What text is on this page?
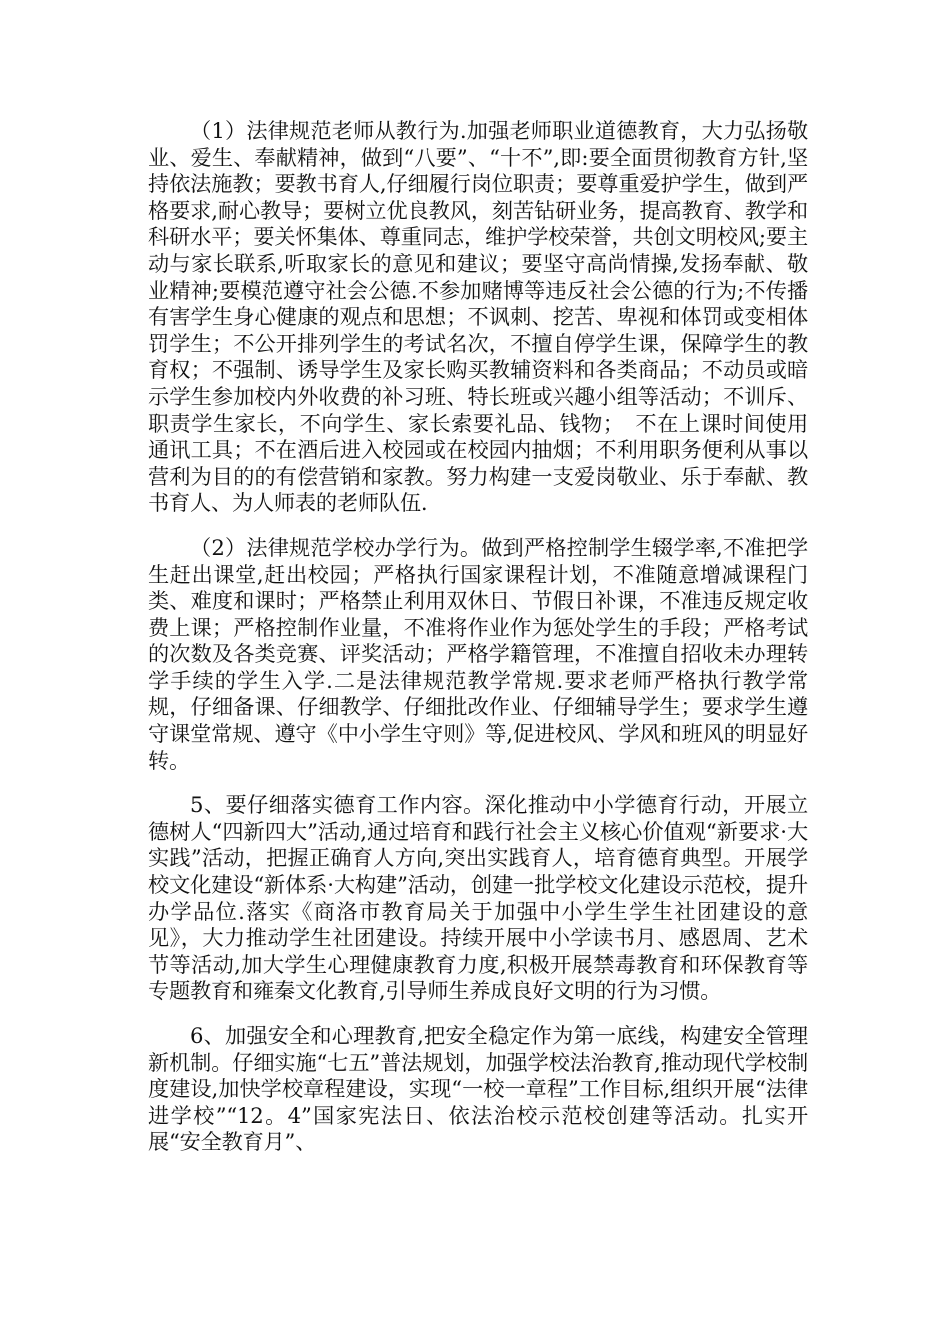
（1）法律规范老师从教行为.加强老师职业道德教育，大力弘扬敬业、爱生、奉献精神，做到“八要”、“十不”,即:要全面贯彻教育方针,坚持依法施教；要教书育人,仔细履行岗位职责；要尊重爱护学生，做到严格要求,耐心教导；要树立优良教风，刻苦钻研业务，提高教育、教学和科研水平；要关怀集体、尊重同志，维护学校荣誉，共创文明校风;要主动与家长联系,听取家长的意见和建议；要坚守高尚情操,发扬奉献、敬业精神;要模范遵守社会公德.不参加赌博等违反社会公德的行为;不传播有害学生身心健康的观点和思想；不讽刺、挖苦、卑视和体罚或变相体罚学生；不公开排列学生的考试名次，不擅自停学生课，保障学生的教育权；不强制、诱导学生及家长购买教辅资料和各类商品；不动员或暗示学生参加校内外收费的补习班、特长班或兴趣小组等活动；不训斥、职责学生家长，不向学生、家长索要礼品、钱物；　不在上课时间使用通讯工具；不在酒后进入校园或在校园内抽烟；不利用职务便利从事以营利为目的的有偿营销和家教。努力构建一支爱岗敬业、乐于奉献、教书育人、为人师表的老师队伍.

（2）法律规范学校办学行为。做到严格控制学生辍学率,不准把学生赶出课堂,赶出校园；严格执行国家课程计划，不准随意增减课程门类、难度和课时；严格禁止利用双休日、节假日补课，不准违反规定收费上课；严格控制作业量，不准将作业作为惩处学生的手段；严格考试的次数及各类竞赛、评奖活动；严格学籍管理，不准擅自招收未办理转学手续的学生入学.二是法律规范教学常规.要求老师严格执行教学常规，仔细备课、仔细教学、仔细批改作业、仔细辅导学生；要求学生遵守课堂常规、遵守《中小学生守则》等,促进校风、学风和班风的明显好转。

5、要仔细落实德育工作内容。深化推动中小学德育行动，开展立德树人“四新四大”活动,通过培育和践行社会主义核心价值观“新要求·大实践”活动，把握正确育人方向,突出实践育人，培育德育典型。开展学校文化建设“新体系·大构建”活动，创建一批学校文化建设示范校，提升办学品位.落实《商洛市教育局关于加强中小学生学生社团建设的意见》，大力推动学生社团建设。持续开展中小学读书月、感恩周、艺术节等活动,加大学生心理健康教育力度,积极开展禁毒教育和环保教育等专题教育和雍秦文化教育,引导师生养成良好文明的行为习惯。

6、加强安全和心理教育,把安全稳定作为第一底线，构建安全管理新机制。仔细实施“七五”普法规划，加强学校法治教育,推动现代学校制度建设,加快学校章程建设，实现“一校一章程”工作目标,组织开展“法律进学校”“12。4”国家宪法日、依法治校示范校创建等活动。扎实开展“安全教育月”、
